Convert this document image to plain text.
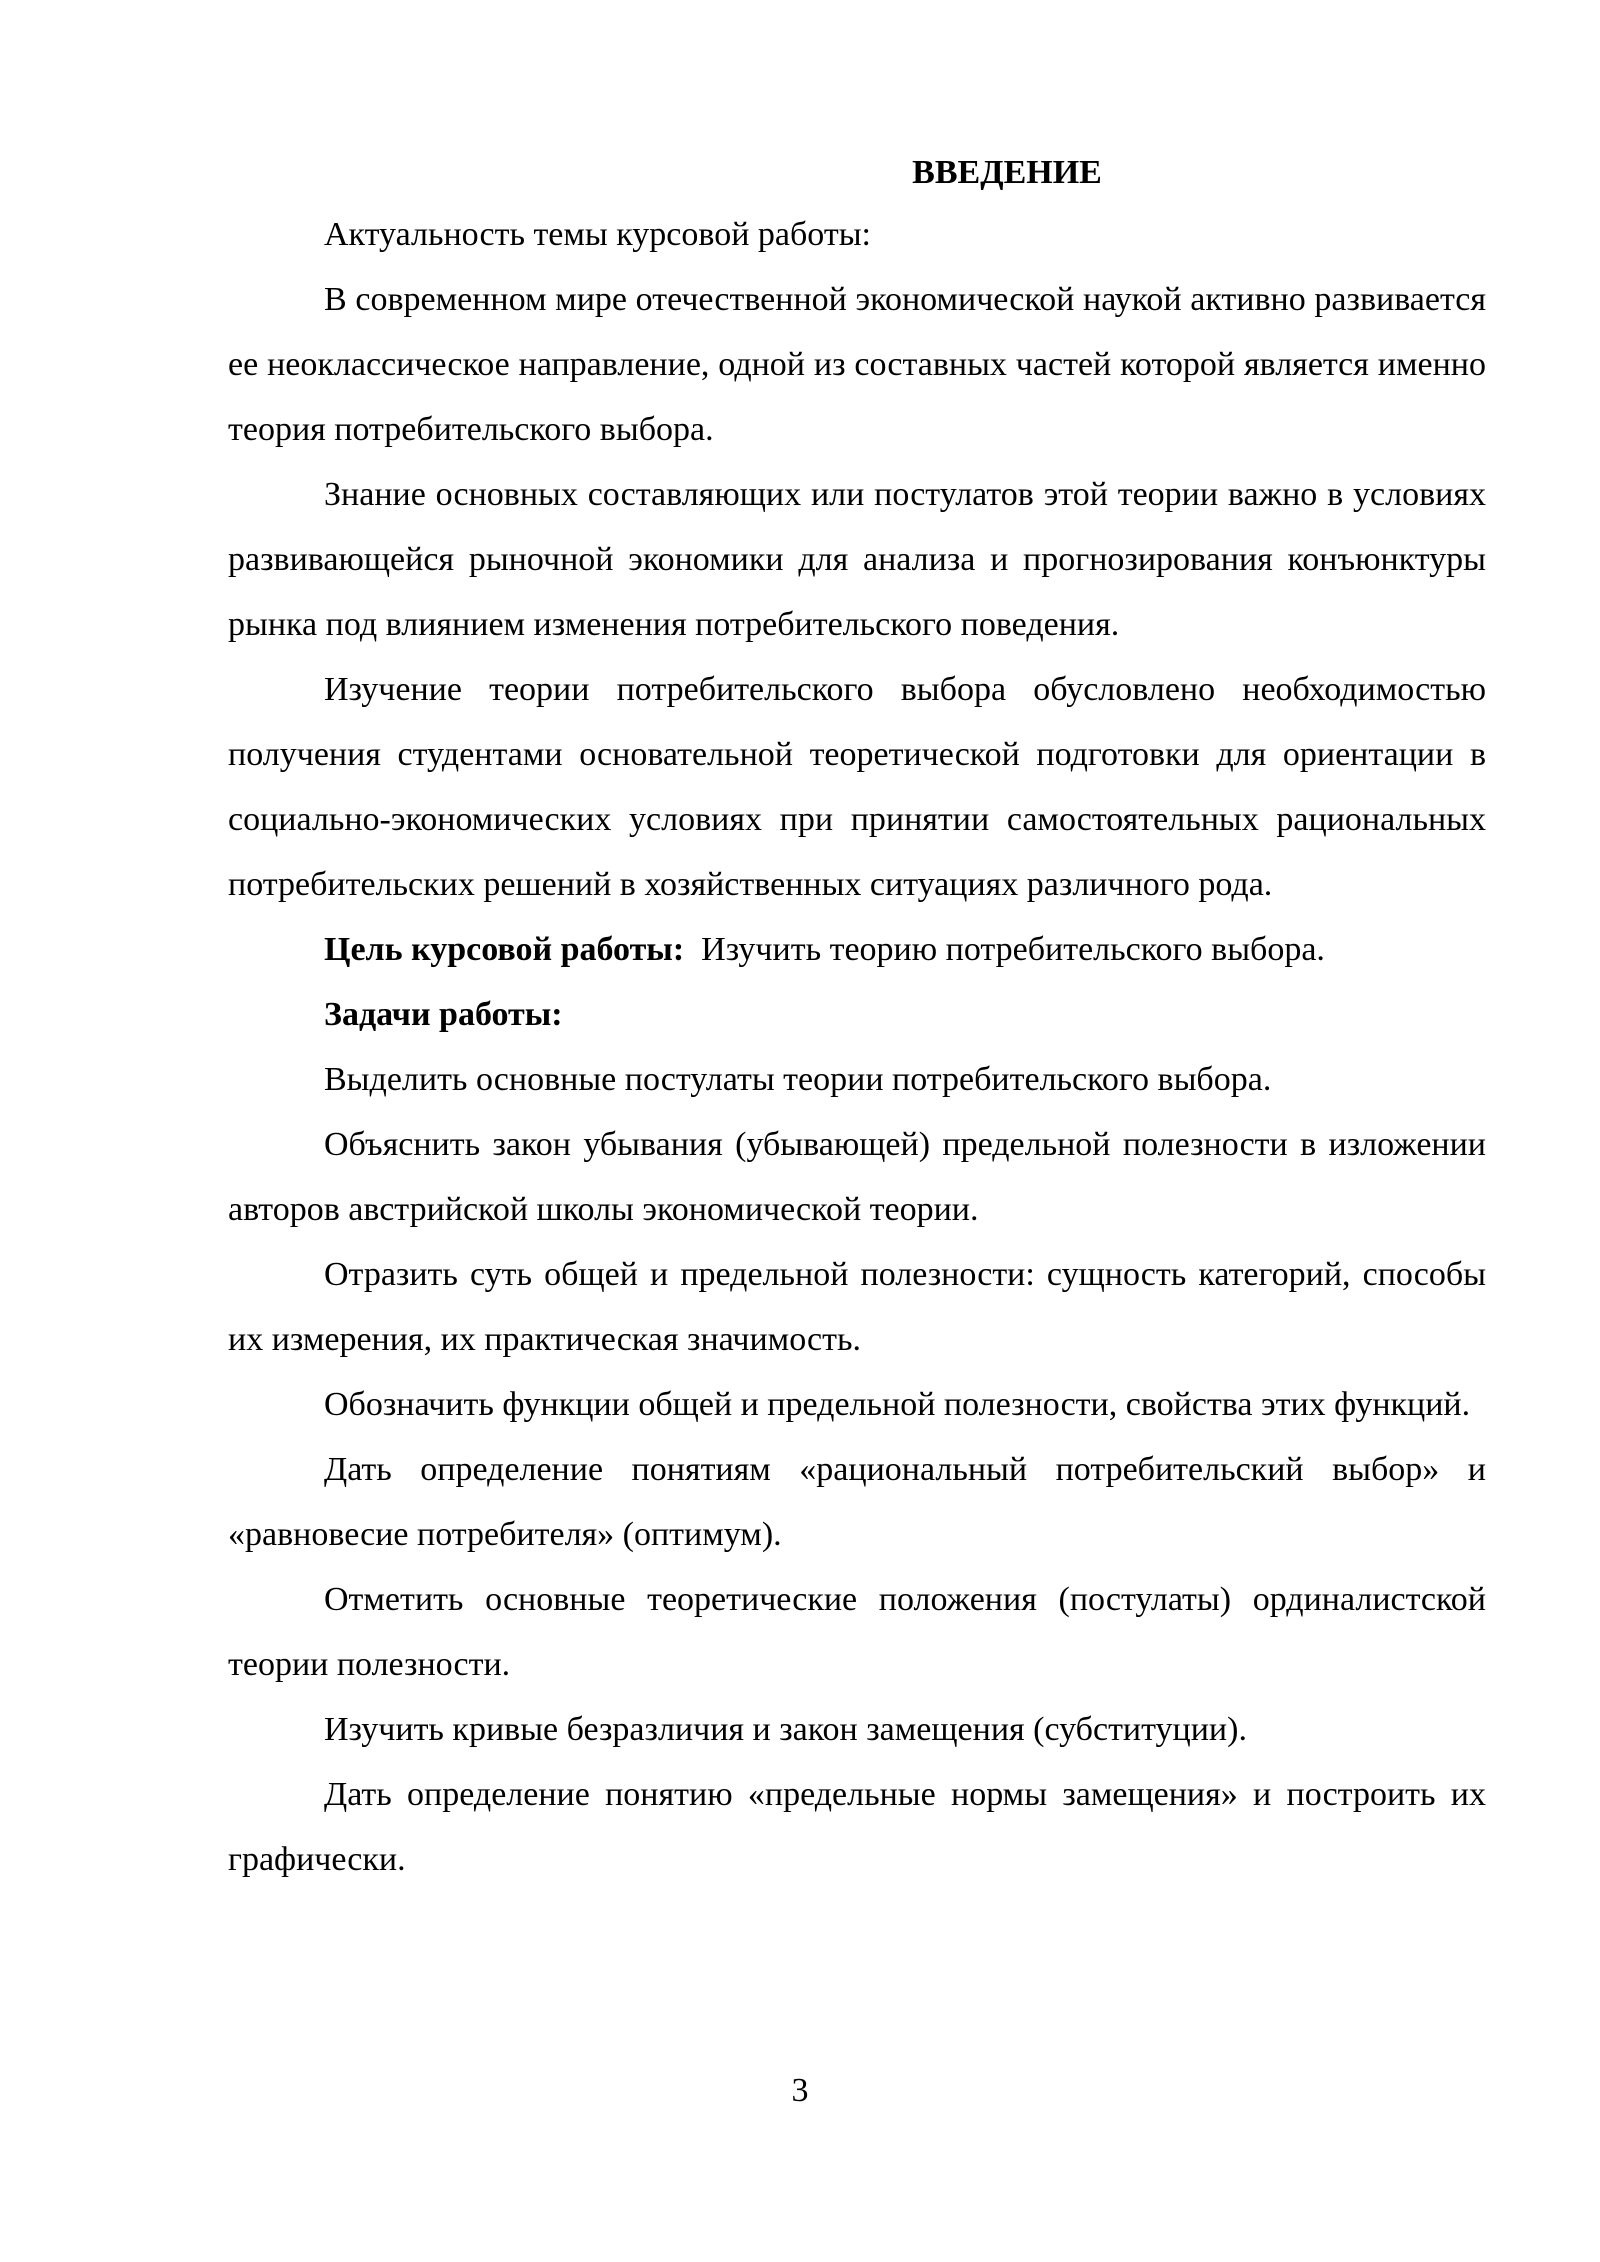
ВВЕДЕНИЕ

Актуальность темы курсовой работы:

В современном мире отечественной экономической наукой активно развивается ее неоклассическое направление, одной из составных частей которой является именно теория потребительского выбора.

Знание основных составляющих или постулатов этой теории важно в условиях развивающейся рыночной экономики для анализа и прогнозирования конъюнктуры рынка под влиянием изменения потребительского поведения.

Изучение теории потребительского выбора обусловлено необходимостью получения студентами основательной теоретической подготовки для ориентации в социально-экономических условиях при принятии самостоятельных рациональных потребительских решений в хозяйственных ситуациях различного рода.

Цель курсовой работы: Изучить теорию потребительского выбора.

Задачи работы:

Выделить основные постулаты теории потребительского выбора.

Объяснить закон убывания (убывающей) предельной полезности в изложении авторов австрийской школы экономической теории.

Отразить суть общей и предельной полезности: сущность категорий, способы их измерения, их практическая значимость.

Обозначить функции общей и предельной полезности, свойства этих функций.

Дать определение понятиям «рациональный потребительский выбор» и «равновесие потребителя» (оптимум).

Отметить основные теоретические положения (постулаты) ординалистской теории полезности.

Изучить кривые безразличия и закон замещения (субституции).

Дать определение понятию «предельные нормы замещения» и построить их графически.

3
